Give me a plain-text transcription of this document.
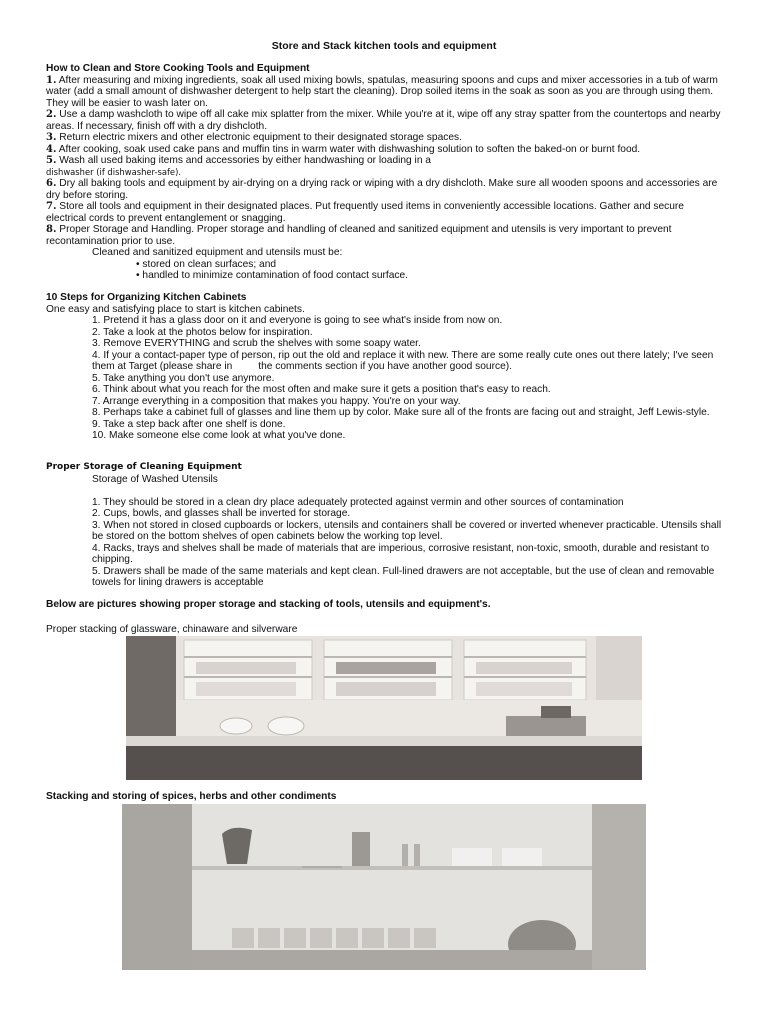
Store and Stack kitchen tools and equipment

How to Clean and Store Cooking Tools and Equipment

1. After measuring and mixing ingredients, soak all used mixing bowls, spatulas, measuring spoons and cups and mixer accessories in a tub of warm water (add a small amount of dishwasher detergent to help start the cleaning). Drop soiled items in the soak as soon as you are through using them. They will be easier to wash later on.

2. Use a damp washcloth to wipe off all cake mix splatter from the mixer. While you're at it, wipe off any stray spatter from the countertops and nearby areas. If necessary, finish off with a dry dishcloth.

3. Return electric mixers and other electronic equipment to their designated storage spaces.

4. After cooking, soak used cake pans and muffin tins in warm water with dishwashing solution to soften the baked-on or burnt food.

5. Wash all used baking items and accessories by either handwashing or loading in a

dishwasher (if dishwasher-safe).

6. Dry all baking tools and equipment by air-drying on a drying rack or wiping with a dry dishcloth. Make sure all wooden spoons and accessories are dry before storing.

7. Store all tools and equipment in their designated places. Put frequently used items in conveniently accessible locations. Gather and secure electrical cords to prevent entanglement or snagging.

8. Proper Storage and Handling. Proper storage and handling of cleaned and sanitized equipment and utensils is very important to prevent recontamination prior to use.

Cleaned and sanitized equipment and utensils must be:

• stored on clean surfaces; and

• handled to minimize contamination of food contact surface.

10 Steps for Organizing Kitchen Cabinets

One easy and satisfying place to start is kitchen cabinets.

1. Pretend it has a glass door on it and everyone is going to see what's inside from now on.

2. Take a look at the photos below for inspiration.

3. Remove EVERYTHING and scrub the shelves with some soapy water.

4. If your a contact-paper type of person, rip out the old and replace it with new. There are some really cute ones out there lately; I've seen them at Target (please share in	the comments section if you have another good source).

5. Take anything you don't use anymore.

6. Think about what you reach for the most often and make sure it gets a position that's easy to reach.

7. Arrange everything in a composition that makes you happy. You're on your way.

8. Perhaps take a cabinet full of glasses and line them up by color. Make sure all of the fronts are facing out and straight, Jeff Lewis-style.

9. Take a step back after one shelf is done.

10. Make someone else come look at what you've done.

Proper Storage of Cleaning Equipment

Storage of Washed Utensils

1. They should be stored in a clean dry place adequately protected against vermin and other sources of contamination

2. Cups, bowls, and glasses shall be inverted for storage.

3. When not stored in closed cupboards or lockers, utensils and containers shall be covered or inverted whenever practicable. Utensils shall be stored on the bottom shelves of open cabinets below the working top level.

4. Racks, trays and shelves shall be made of materials that are imperious, corrosive resistant, non-toxic, smooth, durable and resistant to chipping.

5. Drawers shall be made of the same materials and kept clean. Full-lined drawers are not acceptable, but the use of clean and removable towels for lining drawers is acceptable

Below are pictures showing proper storage and stacking of tools, utensils and equipment's.
Proper stacking of glassware, chinaware and silverware
Stacking and storing of spices, herbs and other condiments
